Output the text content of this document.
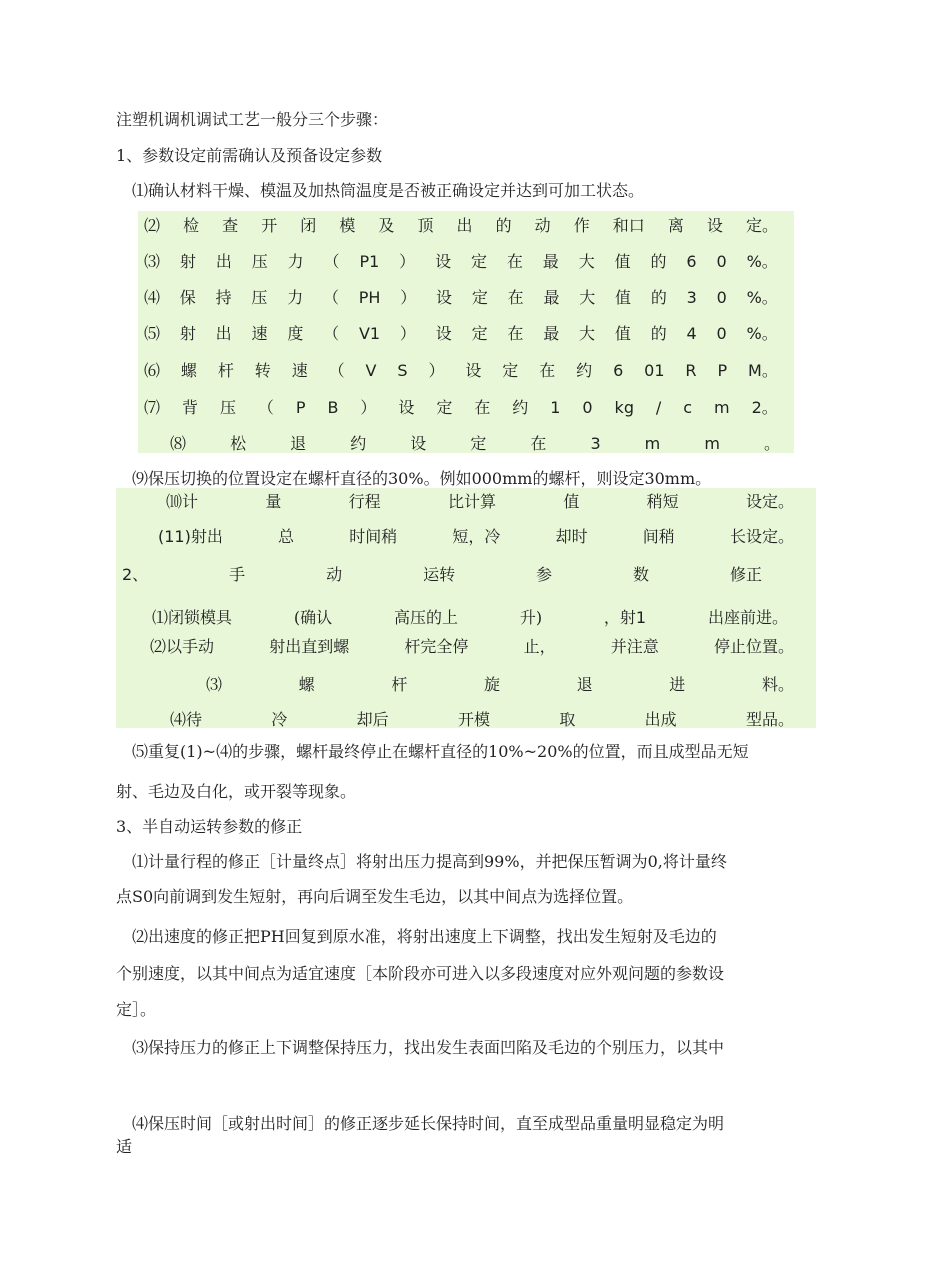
注塑机调机调试工艺一般分三个步骤：
1、参数设定前需确认及预备设定参数
⑴确认材料干燥、模温及加热筒温度是否被正确设定并达到可加工状态。
⑵ 检 查 开 闭 模 及 顶 出 的 动 作 和口 离 设 定。
⑶ 射 出 压 力 （ P1 ） 设 定 在 最 大 值 的 6 0 %。
⑷ 保 持 压 力 （ PH ） 设 定 在 最 大 值 的 3 0 %。
⑸ 射 出 速 度 （ V1 ） 设 定 在 最 大 值 的 4 0 %。
⑹ 螺 杆 转 速 （ V S ） 设 定 在 约 6 01 R P M。
⑺ 背 压 （ P B ） 设 定 在 约 1 0 kg / c m 2。
⑻	松	退	约	设	定	在	3	m	m	。
⑼保压切换的位置设定在螺杆直径的30%。例如000mm的螺杆，则设定30mm。
⑽计	量	行程	比计算	值	稍短	设定。
(11)射出	总	时间稍	短，冷	却时	间稍	长设定。
2、	手	动	运转	参	数	修正
⑴闭锁模具	(确认	高压的上	升)	，射1	出座前进。
⑵以手动	射出直到螺	杆完全停	止，	并注意	停止位置。
⑶	螺	杆	旋	退	进	料。
⑷待	冷	却后	开模	取	出成	型品。
⑸重复(1)~⑷的步骤，螺杆最终停止在螺杆直径的10%~20%的位置，而且成型品无短
射、毛边及白化，或开裂等现象。
3、半自动运转参数的修正
⑴计量行程的修正［计量终点］将射出压力提高到99%，并把保压暂调为0,将计量终
点S0向前调到发生短射，再向后调至发生毛边，以其中间点为选择位置。
⑵出速度的修正把PH回复到原水准，将射出速度上下调整，找出发生短射及毛边的
个别速度，以其中间点为适宜速度［本阶段亦可进入以多段速度对应外观问题的参数设
定］。
⑶保持压力的修正上下调整保持压力，找出发生表面凹陷及毛边的个别压力，以其中
⑷保压时间［或射出时间］的修正逐步延长保持时间，直至成型品重量明显稳定为明
适
